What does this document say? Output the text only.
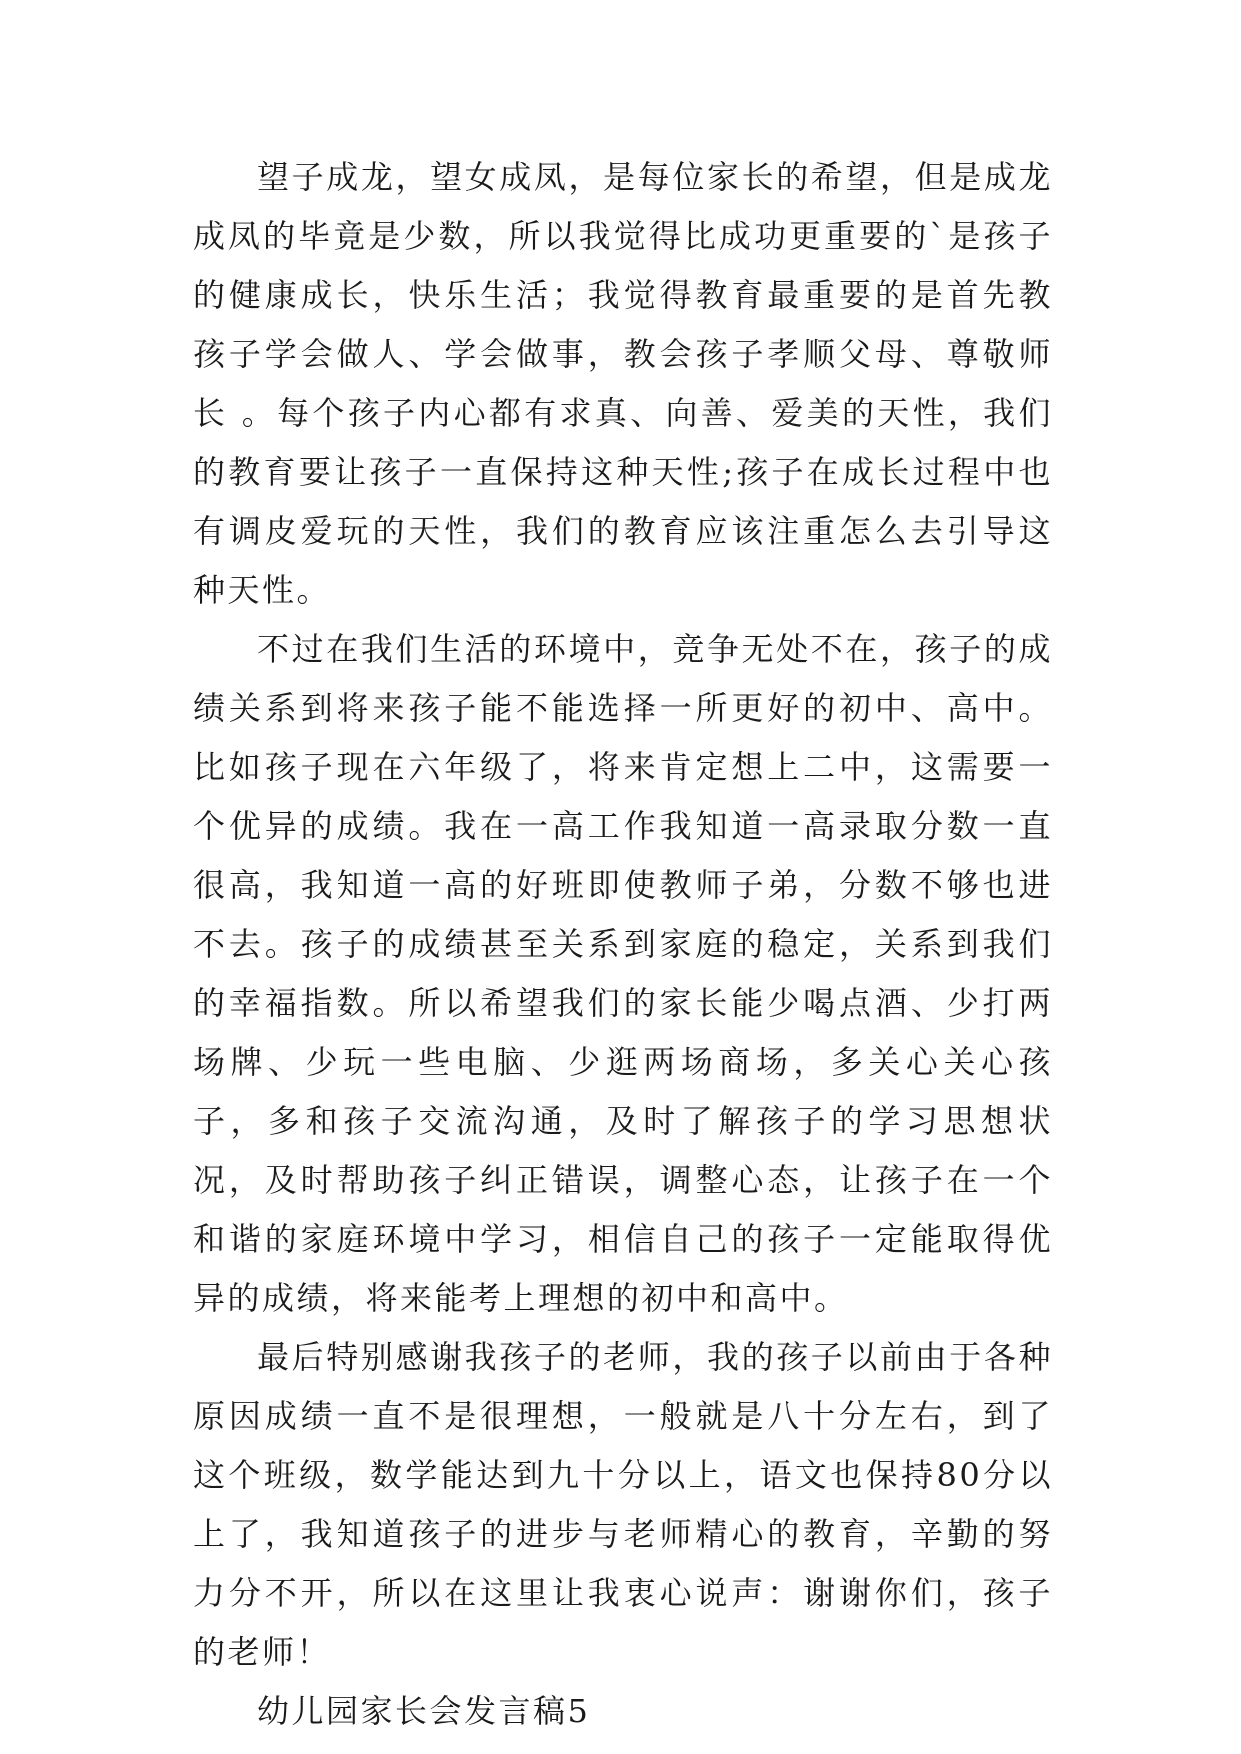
望子成龙，望女成凤，是每位家长的希望，但是成龙成凤的毕竟是少数，所以我觉得比成功更重要的`是孩子的健康成长，快乐生活；我觉得教育最重要的是首先教孩子学会做人、学会做事，教会孩子孝顺父母、尊敬师长 。每个孩子内心都有求真、向善、爱美的天性，我们的教育要让孩子一直保持这种天性;孩子在成长过程中也有调皮爱玩的天性，我们的教育应该注重怎么去引导这种天性。

不过在我们生活的环境中，竞争无处不在，孩子的成绩关系到将来孩子能不能选择一所更好的初中、高中。比如孩子现在六年级了，将来肯定想上二中，这需要一个优异的成绩。我在一高工作我知道一高录取分数一直很高，我知道一高的好班即使教师子弟，分数不够也进不去。孩子的成绩甚至关系到家庭的稳定，关系到我们的幸福指数。所以希望我们的家长能少喝点酒、少打两场牌、少玩一些电脑、少逛两场商场，多关心关心孩子，多和孩子交流沟通，及时了解孩子的学习思想状况，及时帮助孩子纠正错误，调整心态，让孩子在一个和谐的家庭环境中学习，相信自己的孩子一定能取得优异的成绩，将来能考上理想的初中和高中。

最后特别感谢我孩子的老师，我的孩子以前由于各种原因成绩一直不是很理想，一般就是八十分左右，到了这个班级，数学能达到九十分以上，语文也保持80分以上了，我知道孩子的进步与老师精心的教育，辛勤的努力分不开，所以在这里让我衷心说声：谢谢你们，孩子的老师！

幼儿园家长会发言稿5
